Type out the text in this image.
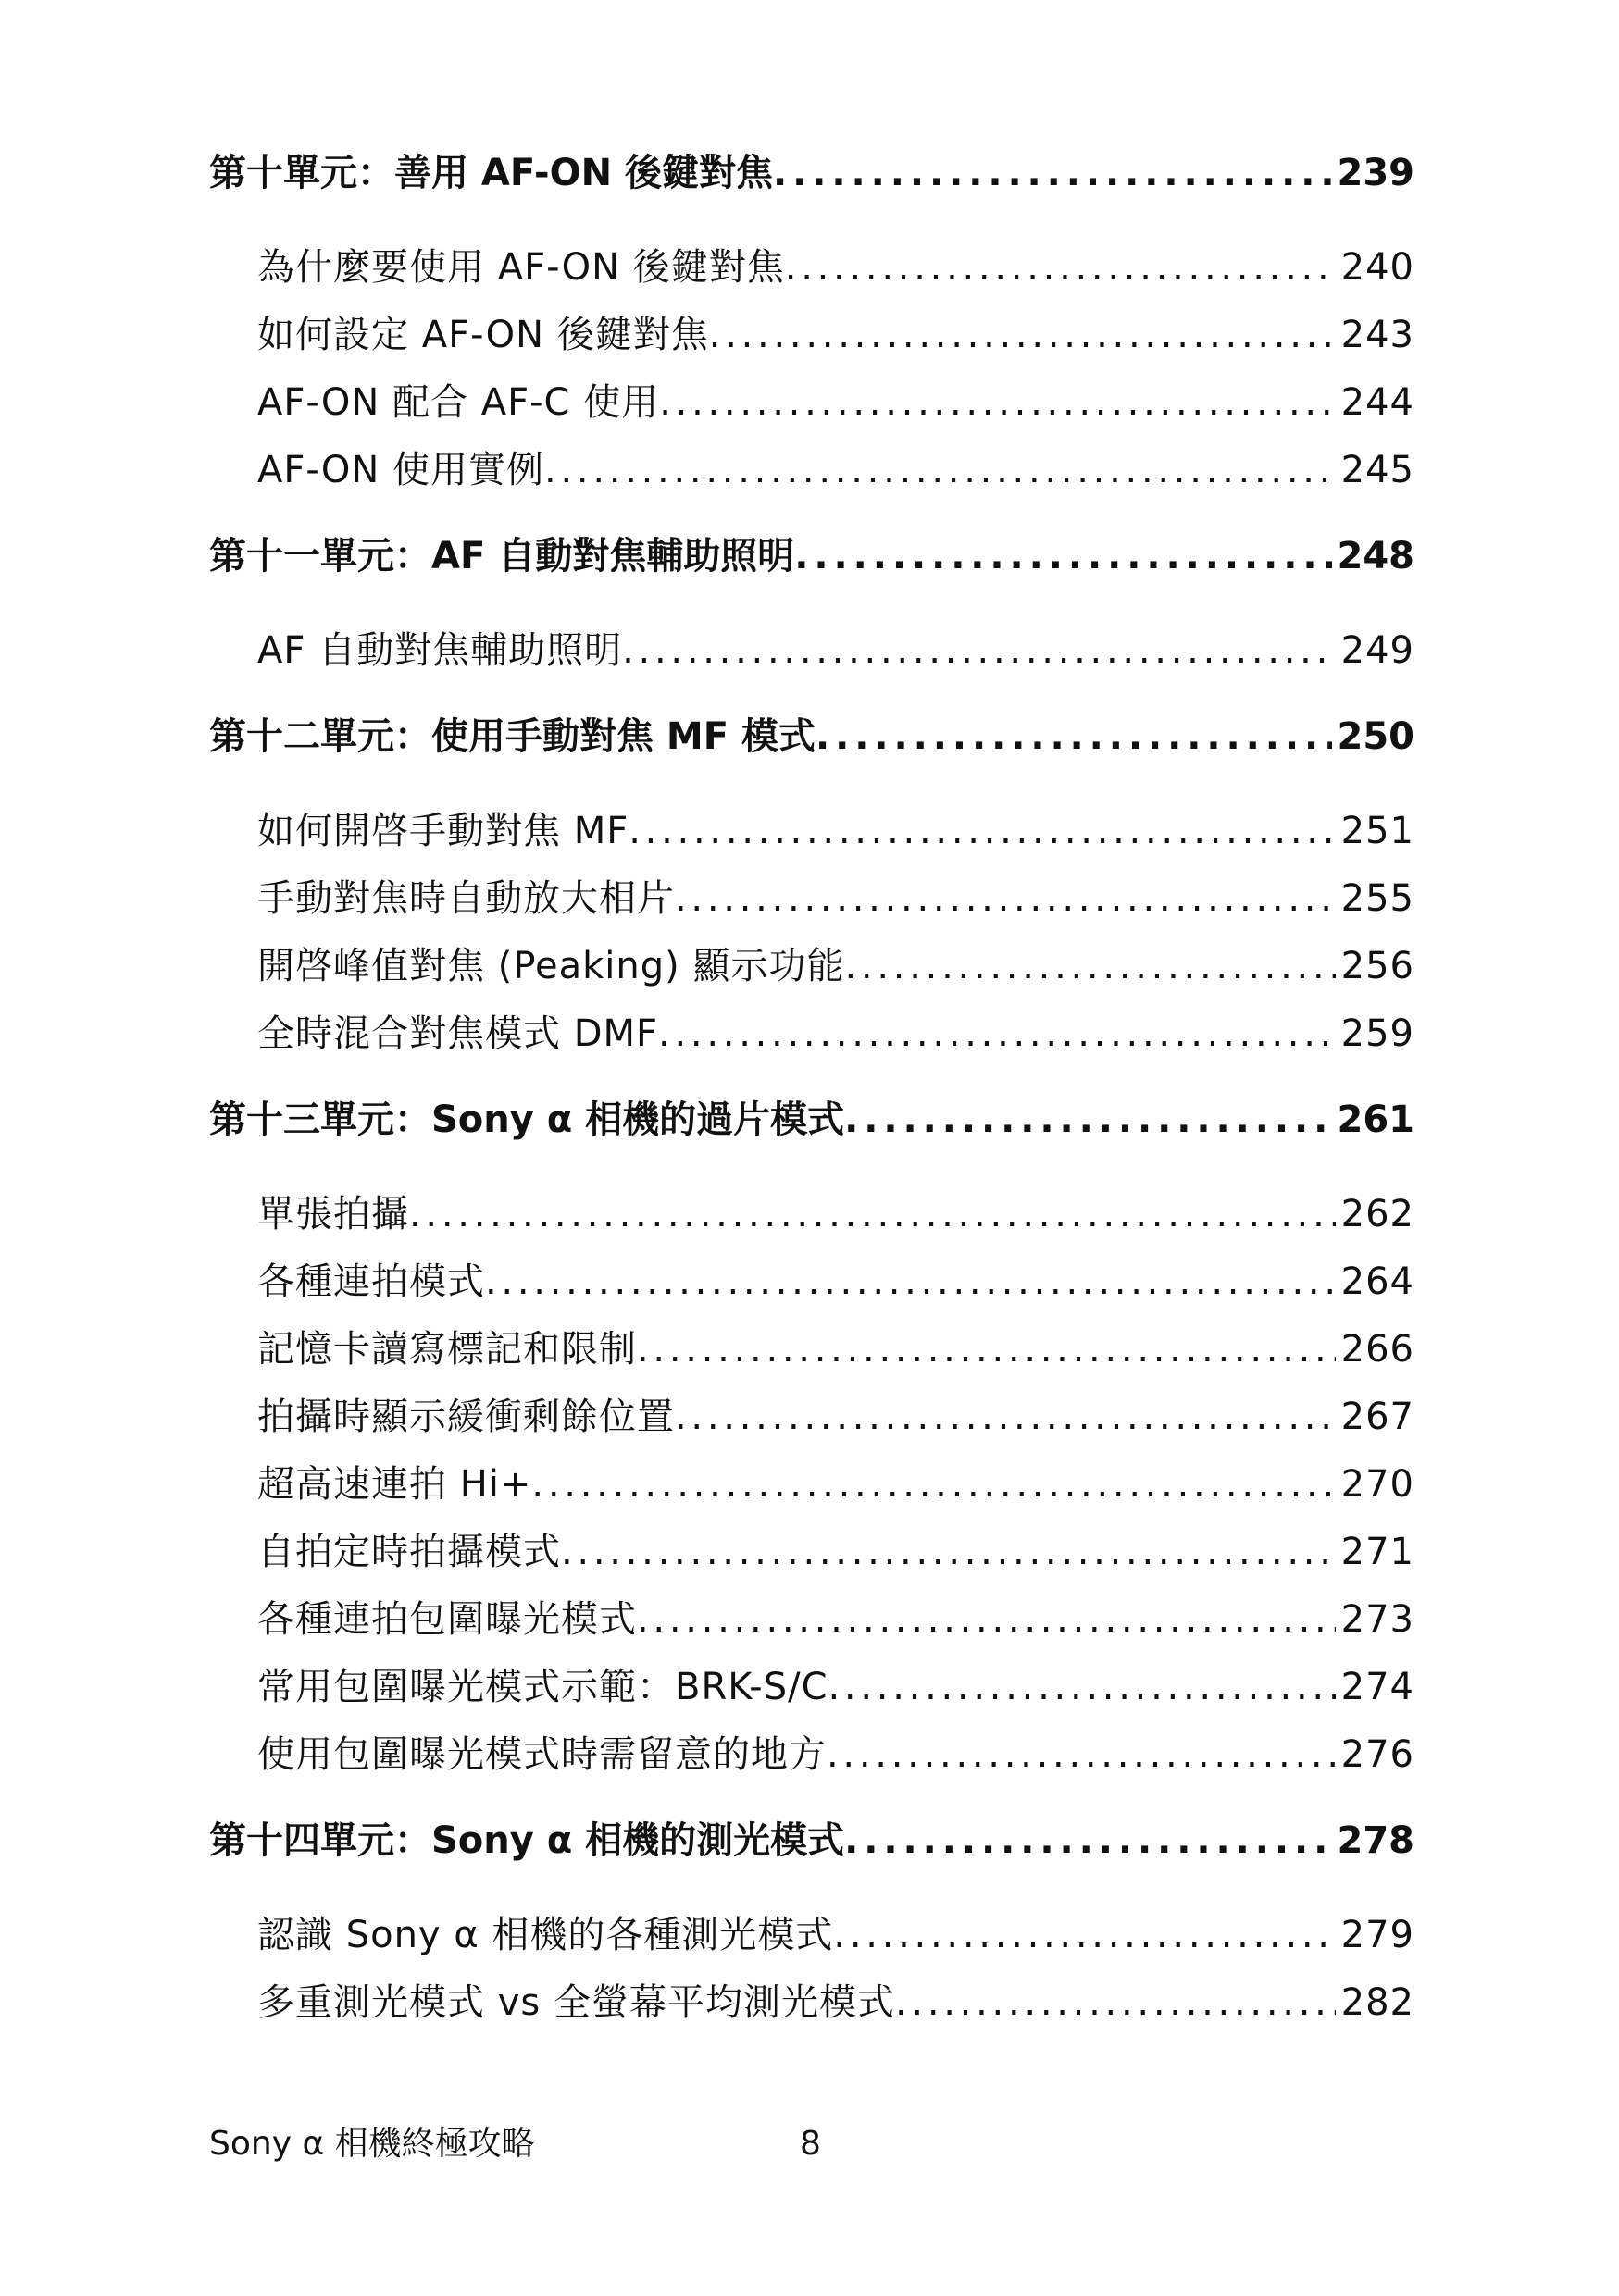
第十單元：善用 AF-ON 後鍵對焦 . . .	239
為什麼要使用 AF-ON 後鍵對焦 . . .	240
如何設定 AF-ON 後鍵對焦 . . .	243
AF-ON 配合 AF-C 使用 . . .	244
AF-ON 使用實例 . . .	245
第十一單元：AF 自動對焦輔助照明 . . .	248
AF 自動對焦輔助照明 . . .	249
第十二單元：使用手動對焦 MF 模式 . . .	250
如何開啓手動對焦 MF . . .	251
手動對焦時自動放大相片 . . .	255
開啓峰值對焦 (Peaking) 顯示功能 . . .	256
全時混合對焦模式 DMF . . .	259
第十三單元：Sony α 相機的過片模式 . . .	261
單張拍攝 . . .	262
各種連拍模式 . . .	264
記憶卡讀寫標記和限制 . . .	266
拍攝時顯示緩衝剩餘位置 . . .	267
超高速連拍 Hi+ . . .	270
自拍定時拍攝模式 . . .	271
各種連拍包圍曝光模式 . . .	273
常用包圍曝光模式示範：BRK-S/C . . .	274
使用包圍曝光模式時需留意的地方 . . .	276
第十四單元：Sony α 相機的測光模式 . . .	278
認識 Sony α 相機的各種測光模式 . . .	279
多重測光模式 vs 全螢幕平均測光模式 . . .	282
Sony α 相機終極攻略	8
